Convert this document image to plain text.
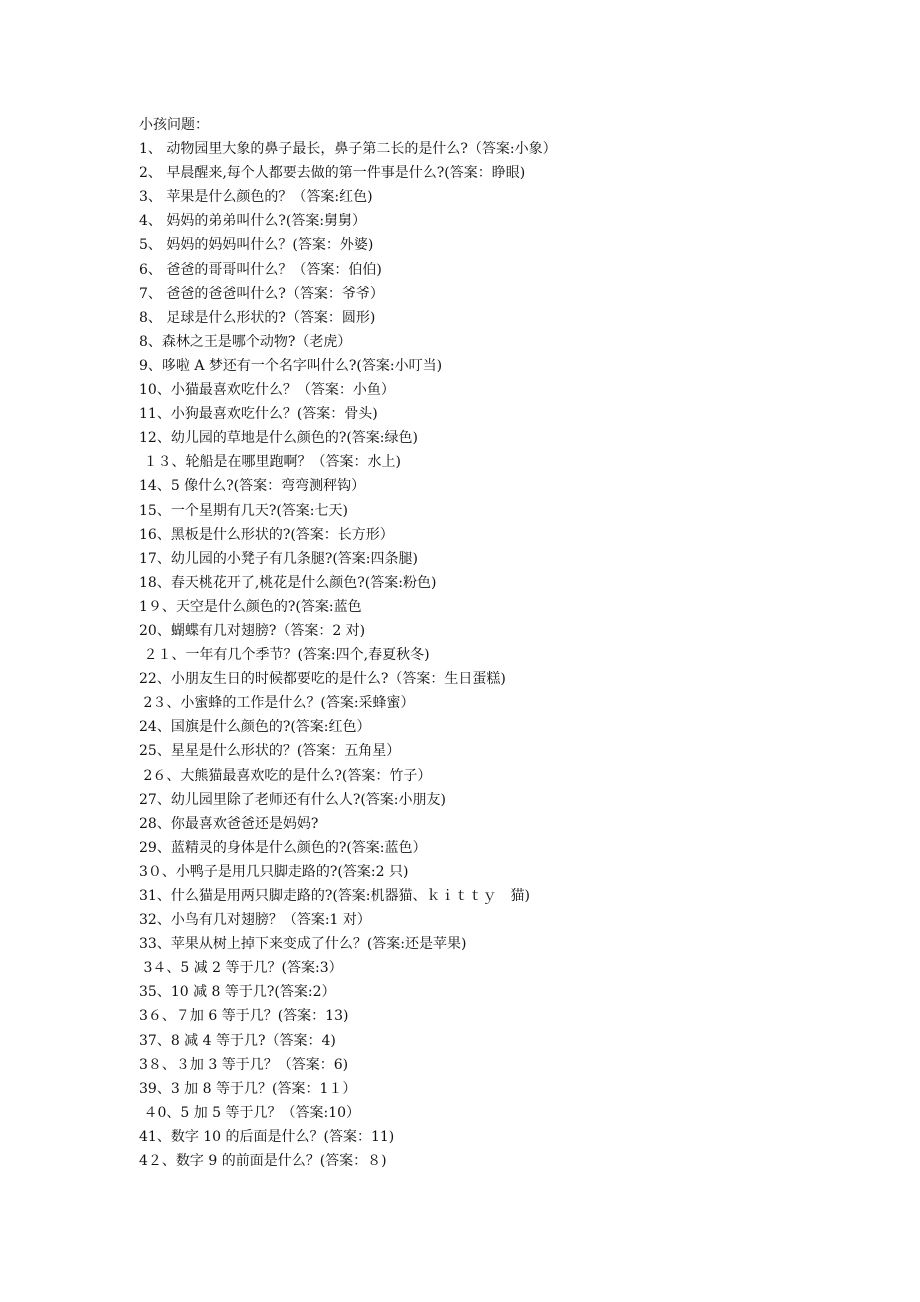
小孩问题：
1、 动物园里大象的鼻子最长，鼻子第二长的是什么?（答案:小象）
2、 早晨醒来,每个人都要去做的第一件事是什么?(答案：睁眼)
3、 苹果是什么颜色的？（答案:红色)
4、 妈妈的弟弟叫什么?(答案:舅舅）
5、 妈妈的妈妈叫什么？(答案：外婆)
6、 爸爸的哥哥叫什么？（答案：伯伯)
7、 爸爸的爸爸叫什么?（答案：爷爷）
8、 足球是什么形状的?（答案：圆形)
8、森林之王是哪个动物?（老虎）
9、哆啦 A 梦还有一个名字叫什么?(答案:小叮当)
10、小猫最喜欢吃什么？（答案：小鱼）
11、小狗最喜欢吃什么？(答案：骨头)
12、幼儿园的草地是什么颜色的?(答案:绿色)
１３、轮船是在哪里跑啊？（答案：水上)
14、5 像什么?(答案：弯弯测秤钩）
15、一个星期有几天?(答案:七天)
16、黑板是什么形状的?(答案：长方形）
17、幼儿园的小凳子有几条腿?(答案:四条腿)
18、春天桃花开了,桃花是什么颜色?(答案:粉色)
1９、天空是什么颜色的?(答案:蓝色
20、蝴蝶有几对翅膀?（答案：2 对)
２１、一年有几个季节？(答案:四个,春夏秋冬)
22、小朋友生日的时候都要吃的是什么?（答案：生日蛋糕)
2３、小蜜蜂的工作是什么？(答案:采蜂蜜）
24、国旗是什么颜色的?(答案:红色）
25、星星是什么形状的？(答案：五角星）
2６、大熊猫最喜欢吃的是什么?(答案：竹子）
27、幼儿园里除了老师还有什么人?(答案:小朋友)
28、你最喜欢爸爸还是妈妈?
29、蓝精灵的身体是什么颜色的?(答案:蓝色）
3０、小鸭子是用几只脚走路的?(答案:2 只)
31、什么猫是用两只脚走路的?(答案:机器猫、ｋｉｔｔｙ　猫)
32、小鸟有几对翅膀？（答案:1 对）
33、苹果从树上掉下来变成了什么？(答案:还是苹果)
3４、5 减 2 等于几？(答案:3）
35、10 减 8 等于几?(答案:2）
3６、７加 6 等于几？(答案：13)
37、8 减 4 等于几?（答案：4)
3８、３加 3 等于几？（答案：6)
39、3 加 8 等于几？(答案：1１）
４0、5 加 5 等于几？（答案:10）
41、数字 10 的后面是什么？(答案：11)
4２、数字 9 的前面是什么？(答案：８)
